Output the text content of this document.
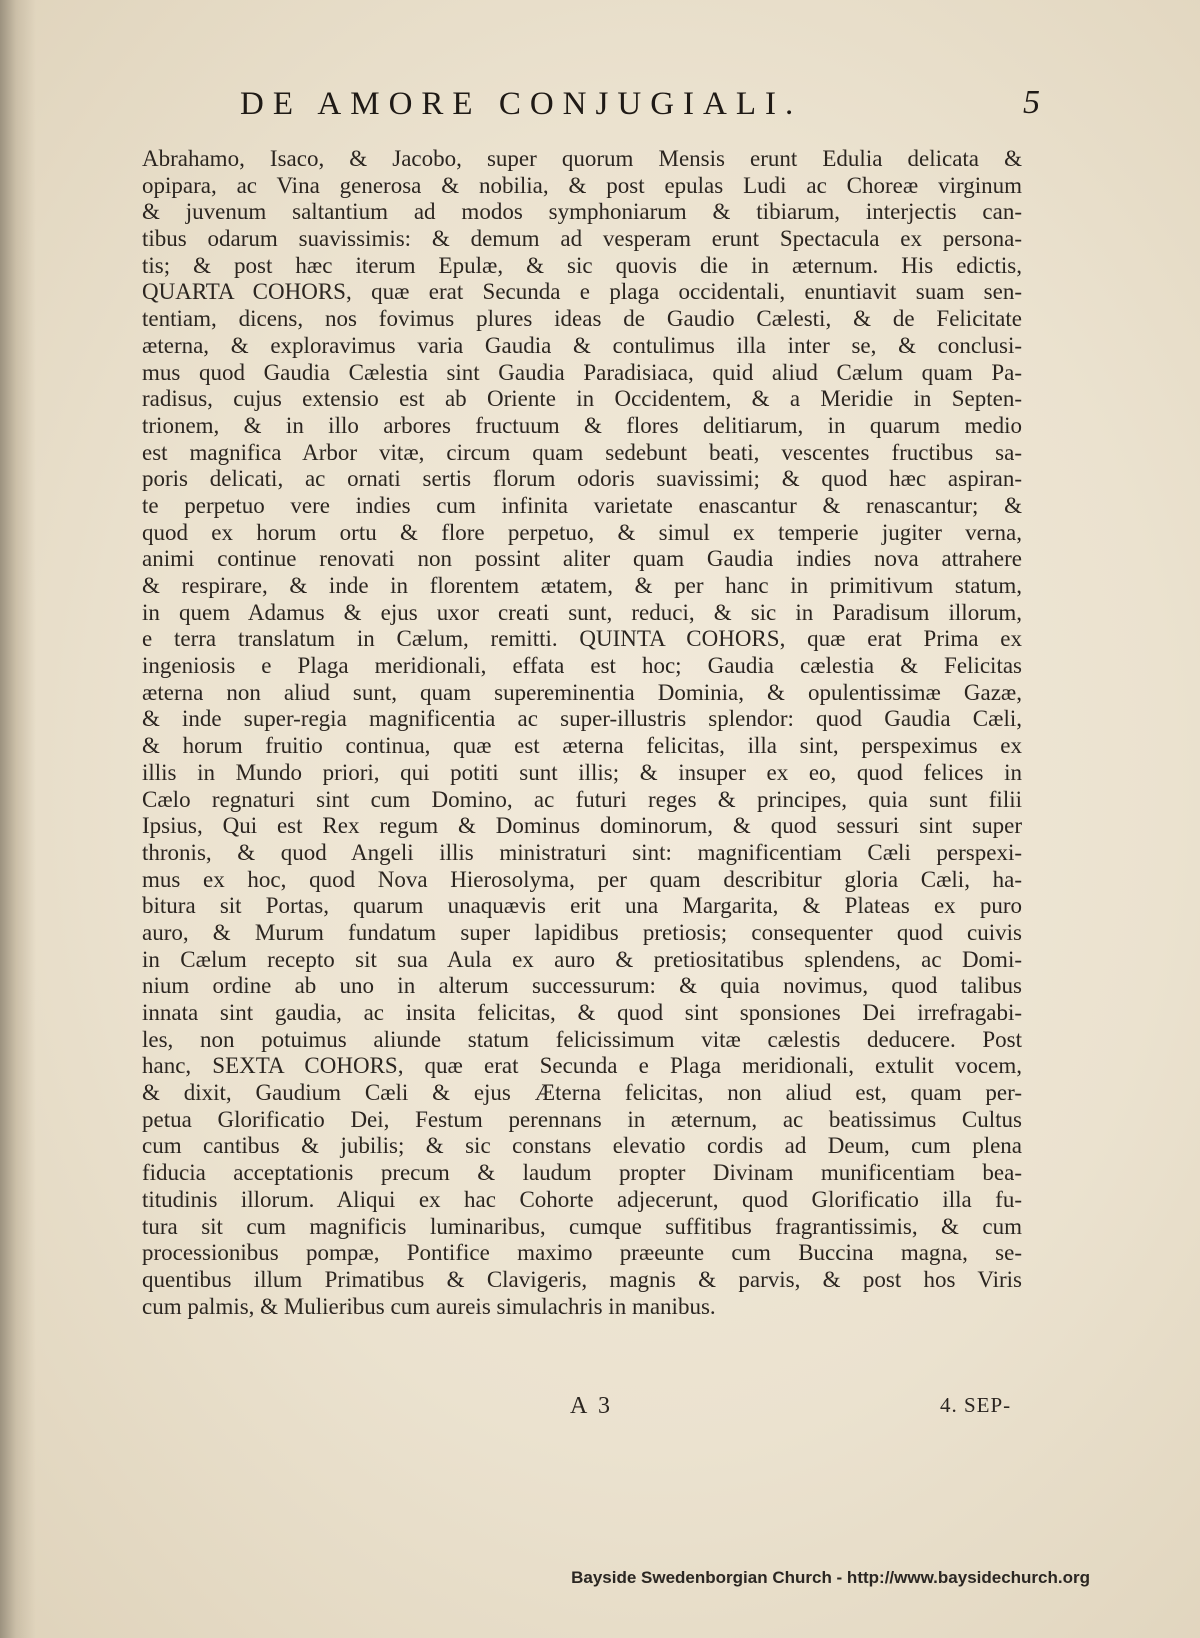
DE AMORE CONJUGIALI.	5
Abrahamo, Isaco, & Jacobo, super quorum Mensis erunt Edulia delicata &
opipara, ac Vina generosa & nobilia, & post epulas Ludi ac Choreæ virginum
& juvenum saltantium ad modos symphoniarum & tibiarum, interjectis can-
tibus odarum suavissimis: & demum ad vesperam erunt Spectacula ex persona-
tis; & post hæc iterum Epulæ, & sic quovis die in æternum. His edictis,
QUARTA COHORS, quæ erat Secunda e plaga occidentali, enuntiavit suam sen-
tentiam, dicens, nos fovimus plures ideas de Gaudio Cælesti, & de Felicitate
æterna, & exploravimus varia Gaudia & contulimus illa inter se, & conclusi-
mus quod Gaudia Cælestia sint Gaudia Paradisiaca, quid aliud Cælum quam Pa-
radisus, cujus extensio est ab Oriente in Occidentem, & a Meridie in Septen-
trionem, & in illo arbores fructuum & flores delitiarum, in quarum medio
est magnifica Arbor vitæ, circum quam sedebunt beati, vescentes fructibus sa-
poris delicati, ac ornati sertis florum odoris suavissimi; & quod hæc aspiran-
te perpetuo vere indies cum infinita varietate enascantur & renascantur; &
quod ex horum ortu & flore perpetuo, & simul ex temperie jugiter verna,
animi continue renovati non possint aliter quam Gaudia indies nova attrahere
& respirare, & inde in florentem ætatem, & per hanc in primitivum statum,
in quem Adamus & ejus uxor creati sunt, reduci, & sic in Paradisum illorum,
e terra translatum in Cælum, remitti. QUINTA COHORS, quæ erat Prima ex
ingeniosis e Plaga meridionali, effata est hoc; Gaudia cælestia & Felicitas
æterna non aliud sunt, quam supereminentia Dominia, & opulentissimæ Gazæ,
& inde super-regia magnificentia ac super-illustris splendor: quod Gaudia Cæli,
& horum fruitio continua, quæ est æterna felicitas, illa sint, perspeximus ex
illis in Mundo priori, qui potiti sunt illis; & insuper ex eo, quod felices in
Cælo regnaturi sint cum Domino, ac futuri reges & principes, quia sunt filii
Ipsius, Qui est Rex regum & Dominus dominorum, & quod sessuri sint super
thronis, & quod Angeli illis ministraturi sint: magnificentiam Cæli perspexi-
mus ex hoc, quod Nova Hierosolyma, per quam describitur gloria Cæli, ha-
bitura sit Portas, quarum unaquævis erit una Margarita, & Plateas ex puro
auro, & Murum fundatum super lapidibus pretiosis; consequenter quod cuivis
in Cælum recepto sit sua Aula ex auro & pretiositatibus splendens, ac Domi-
nium ordine ab uno in alterum successurum: & quia novimus, quod talibus
innata sint gaudia, ac insita felicitas, & quod sint sponsiones Dei irrefragabi-
les, non potuimus aliunde statum felicissimum vitæ cælestis deducere. Post
hanc, SEXTA COHORS, quæ erat Secunda e Plaga meridionali, extulit vocem,
& dixit, Gaudium Cæli & ejus Æterna felicitas, non aliud est, quam per-
petua Glorificatio Dei, Festum perennans in æternum, ac beatissimus Cultus
cum cantibus & jubilis; & sic constans elevatio cordis ad Deum, cum plena
fiducia acceptationis precum & laudum propter Divinam munificentiam bea-
titudinis illorum. Aliqui ex hac Cohorte adjecerunt, quod Glorificatio illa fu-
tura sit cum magnificis luminaribus, cumque suffitibus fragrantissimis, & cum
processionibus pompæ, Pontifice maximo præeunte cum Buccina magna, se-
quentibus illum Primatibus & Clavigeris, magnis & parvis, & post hos Viris
cum palmis, & Mulieribus cum aureis simulachris in manibus.
A 3	4. SEP-
Bayside Swedenborgian Church - http://www.baysidechurch.org
